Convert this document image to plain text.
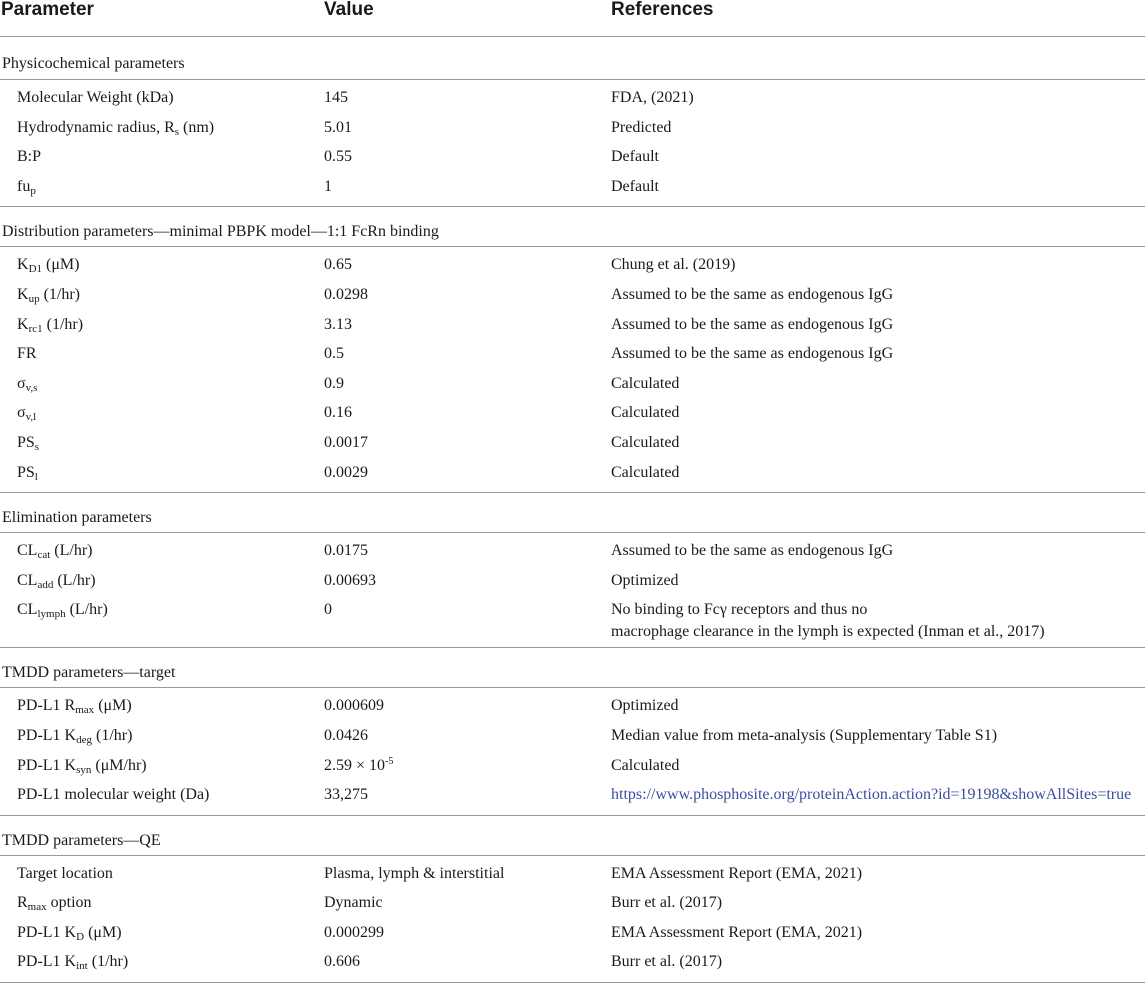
Parameter	Value	References
Physicochemical parameters
Molecular Weight (kDa)	145	FDA, (2021)
Hydrodynamic radius, $R_s$ (nm)	5.01	Predicted
B:P	0.55	Default
$fu_p$	1	Default
Distribution parameters—minimal PBPK model—1:1 FcRn binding
$K_{D1}$ (μM)	0.65	Chung et al. (2019)
$K_{up}$ (1/hr)	0.0298	Assumed to be the same as endogenous IgG
$K_{rc1}$ (1/hr)	3.13	Assumed to be the same as endogenous IgG
FR	0.5	Assumed to be the same as endogenous IgG
$\sigma_{v,s}$	0.9	Calculated
$\sigma_{v,l}$	0.16	Calculated
$PS_s$	0.0017	Calculated
$PS_l$	0.0029	Calculated
Elimination parameters
$CL_{cat}$ (L/hr)	0.0175	Assumed to be the same as endogenous IgG
$CL_{add}$ (L/hr)	0.00693	Optimized
$CL_{lymph}$ (L/hr)	0	No binding to Fcγ receptors and thus no
macrophage clearance in the lymph is expected (Inman et al., 2017)
TMDD parameters—target
PD-L1 $R_{max}$ (μM)	0.000609	Optimized
PD-L1 $K_{deg}$ (1/hr)	0.0426	Median value from meta-analysis (Supplementary Table S1)
PD-L1 $K_{syn}$ (μM/hr)	$2.59 \times 10^{-5}$	Calculated
PD-L1 molecular weight (Da)	33,275	https://www.phosphosite.org/proteinAction.action?id=19198&showAllSites=true
TMDD parameters—QE
Target location	Plasma, lymph & interstitial	EMA Assessment Report (EMA, 2021)
$R_{max}$ option	Dynamic	Burr et al. (2017)
PD-L1 $K_D$ (μM)	0.000299	EMA Assessment Report (EMA, 2021)
PD-L1 $K_{int}$ (1/hr)	0.606	Burr et al. (2017)
